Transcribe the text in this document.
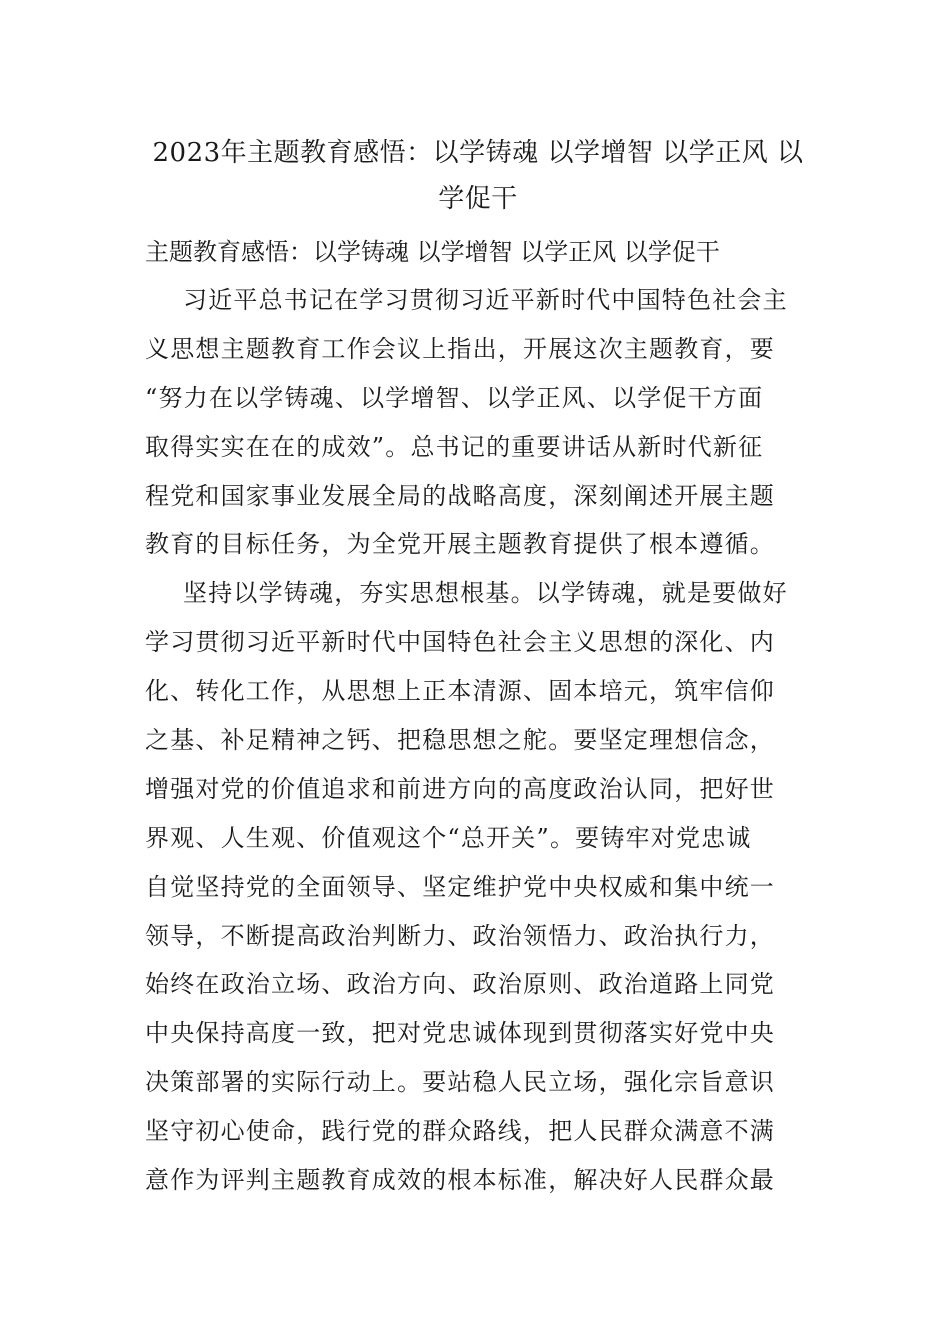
2023年主题教育感悟：以学铸魂 以学增智 以学正风 以学促干

主题教育感悟：以学铸魂 以学增智 以学正风 以学促干

习近平总书记在学习贯彻习近平新时代中国特色社会主
义思想主题教育工作会议上指出，开展这次主题教育，要
“努力在以学铸魂、以学增智、以学正风、以学促干方面
取得实实在在的成效”。总书记的重要讲话从新时代新征
程党和国家事业发展全局的战略高度，深刻阐述开展主题
教育的目标任务，为全党开展主题教育提供了根本遵循。
坚持以学铸魂，夯实思想根基。以学铸魂，就是要做好
学习贯彻习近平新时代中国特色社会主义思想的深化、内
化、转化工作，从思想上正本清源、固本培元，筑牢信仰
之基、补足精神之钙、把稳思想之舵。要坚定理想信念，
增强对党的价值追求和前进方向的高度政治认同，把好世
界观、人生观、价值观这个“总开关”。要铸牢对党忠诚
自觉坚持党的全面领导、坚定维护党中央权威和集中统一
领导，不断提高政治判断力、政治领悟力、政治执行力，
始终在政治立场、政治方向、政治原则、政治道路上同党
中央保持高度一致，把对党忠诚体现到贯彻落实好党中央
决策部署的实际行动上。要站稳人民立场，强化宗旨意识
坚守初心使命，践行党的群众路线，把人民群众满意不满
意作为评判主题教育成效的根本标准，解决好人民群众最
